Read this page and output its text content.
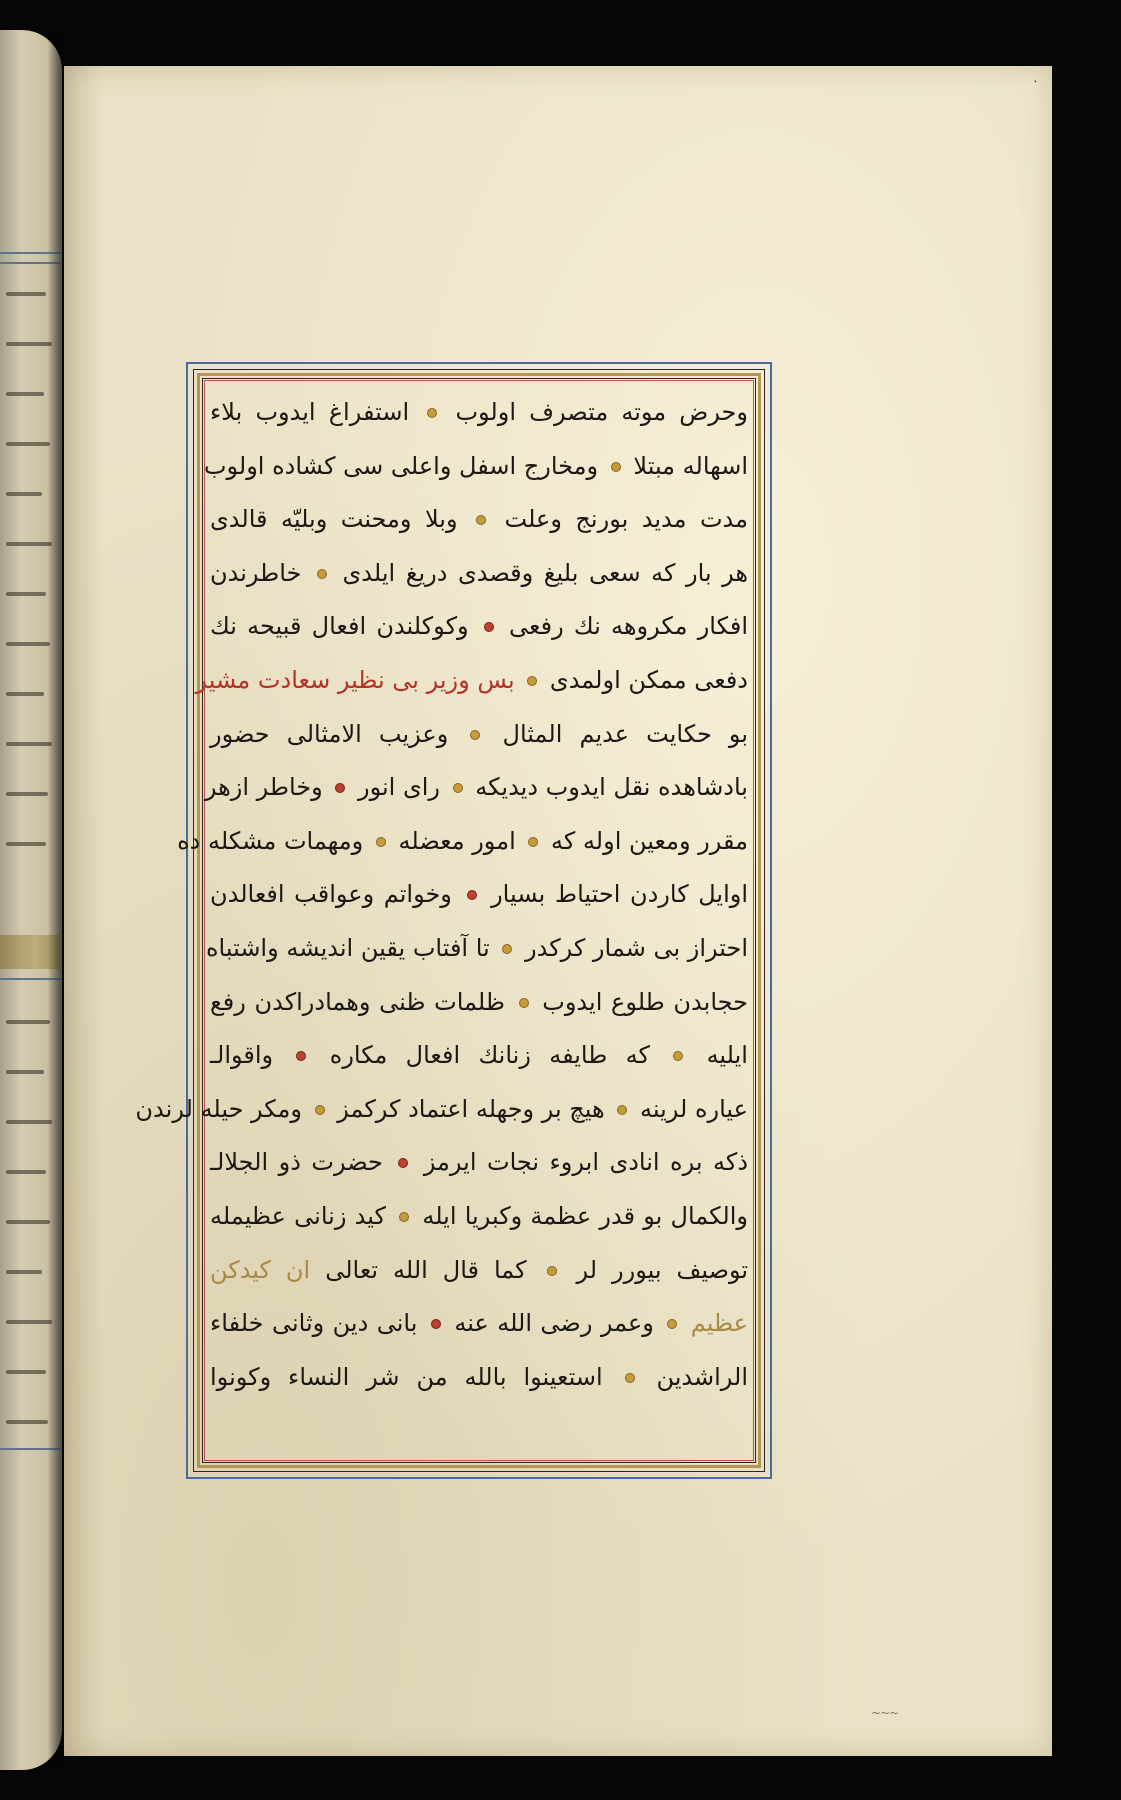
٠
وحرض موته متصرف اولوب  استفراغ ايدوب بلاء
اسهاله مبتلا  ومخارج اسفل واعلى سى كشاده اولوب
مدت مديد بورنج وعلت  وبلا ومحنت وبليّه قالدى
هر بار كه سعى بليغ وقصدى دريغ ايلدى  خاطرندن
افكار مكروهه نك رفعى  وكوكلندن افعال قبيحه نك
دفعى ممكن اولمدى  بس وزير بى نظير سعادت مشير
بو حكايت عديم المثال  وعزيب الامثالى حضور
بادشاهده نقل ايدوب ديديكه  راى انور  وخاطر ازهر
مقرر ومعين اوله كه  امور معضله  ومهمات مشكله ده
اوايل كاردن احتياط بسيار  وخواتم وعواقب افعالدن
احتراز بى شمار كركدر  تا آفتاب يقين انديشه واشتباه
حجابدن طلوع ايدوب  ظلمات ظنى وهمادراكدن رفع
ايليه  كه طايفه زنانك افعال مكاره  واقوالـ
عياره لرينه  هيچ بر وجهله اعتماد كركمز  ومكر حيله لرندن
ذكه بره انادى ابروء نجات ايرمز  حضرت ذو الجلالـ
والكمال بو قدر عظمة وكبريا ايله  كيد زنانى عظيمله
توصيف بيورر لر  كما قال الله تعالى ان كيدكن
عظيم  وعمر رضى الله عنه  بانى دين وثانى خلفاء
الراشدين  استعينوا بالله من شر النساء وكونوا
~~~
